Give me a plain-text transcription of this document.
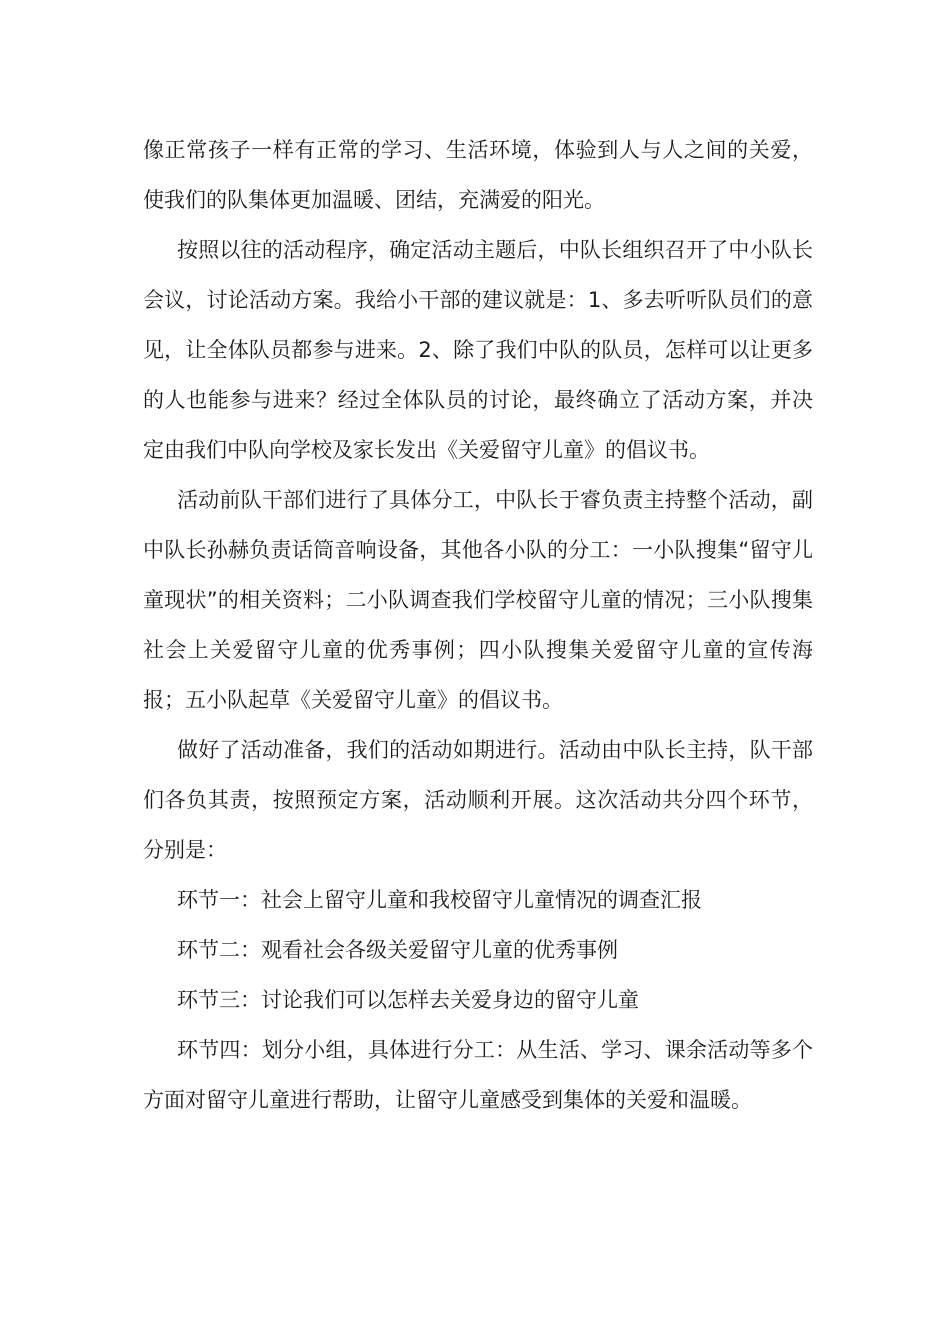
像正常孩子一样有正常的学习、生活环境，体验到人与人之间的关爱，使我们的队集体更加温暖、团结，充满爱的阳光。

按照以往的活动程序，确定活动主题后，中队长组织召开了中小队长会议，讨论活动方案。我给小干部的建议就是：1、多去听听队员们的意见，让全体队员都参与进来。2、除了我们中队的队员，怎样可以让更多的人也能参与进来？经过全体队员的讨论，最终确立了活动方案，并决定由我们中队向学校及家长发出《关爱留守儿童》的倡议书。

活动前队干部们进行了具体分工，中队长于睿负责主持整个活动，副中队长孙赫负责话筒音响设备，其他各小队的分工：一小队搜集“留守儿童现状”的相关资料；二小队调查我们学校留守儿童的情况；三小队搜集社会上关爱留守儿童的优秀事例；四小队搜集关爱留守儿童的宣传海报；五小队起草《关爱留守儿童》的倡议书。

做好了活动准备，我们的活动如期进行。活动由中队长主持，队干部们各负其责，按照预定方案，活动顺利开展。这次活动共分四个环节，分别是：

环节一：社会上留守儿童和我校留守儿童情况的调查汇报

环节二：观看社会各级关爱留守儿童的优秀事例

环节三：讨论我们可以怎样去关爱身边的留守儿童

环节四：划分小组，具体进行分工：从生活、学习、课余活动等多个方面对留守儿童进行帮助，让留守儿童感受到集体的关爱和温暖。
